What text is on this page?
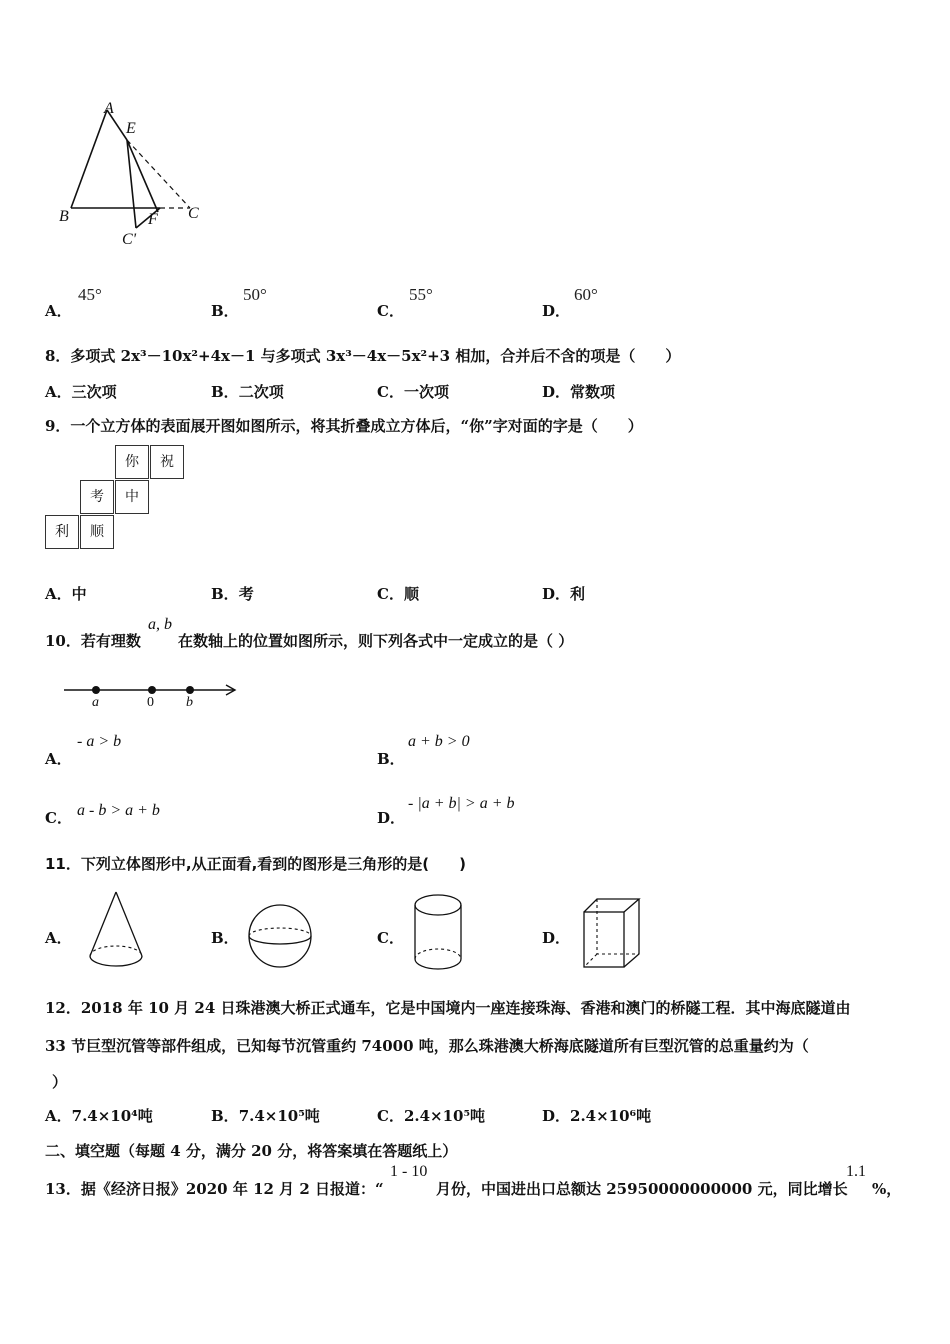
A
E
B	C
C'
F
A．
45°
B．
50°
C．
55°
D．
60°
8．多项式 2x³－10x²+4x－1 与多项式 3x³－4x－5x²+3 相加，合并后不含的项是（　　）
A．三次项	B．二次项	C．一次项	D．常数项
9．一个立方体的表面展开图如图所示，将其折叠成立方体后，“你”字对面的字是（　　）
你	祝
考	中
利	顺
A．中	B．考	C．顺	D．利
10．若有理数
a, b
在数轴上的位置如图所示，则下列各式中一定成立的是（ ）
a	0 b
A．
- a > b
B．
a + b > 0
C． a - b > a + b	D．
- |a + b| > a + b
11．下列立体图形中,从正面看,看到的图形是三角形的是(　　)
A．	B．	C．	D．
12．2018 年 10 月 24 日珠港澳大桥正式通车，它是中国境内一座连接珠海、香港和澳门的桥隧工程．其中海底隧道由
33 节巨型沉管等部件组成，已知每节沉管重约 74000 吨，那么珠港澳大桥海底隧道所有巨型沉管的总重量约为（
）
A．7.4×10⁴吨	B．7.4×10⁵吨	C．2.4×10⁵吨	D．2.4×10⁶吨
二、填空题（每题 4 分，满分 20 分，将答案填在答题纸上）
13．据《经济日报》2020 年 12 月 2 日报道：“
1 - 10
月份，中国进出口总额达 25950000000000 元，同比增长
1.1
%，
